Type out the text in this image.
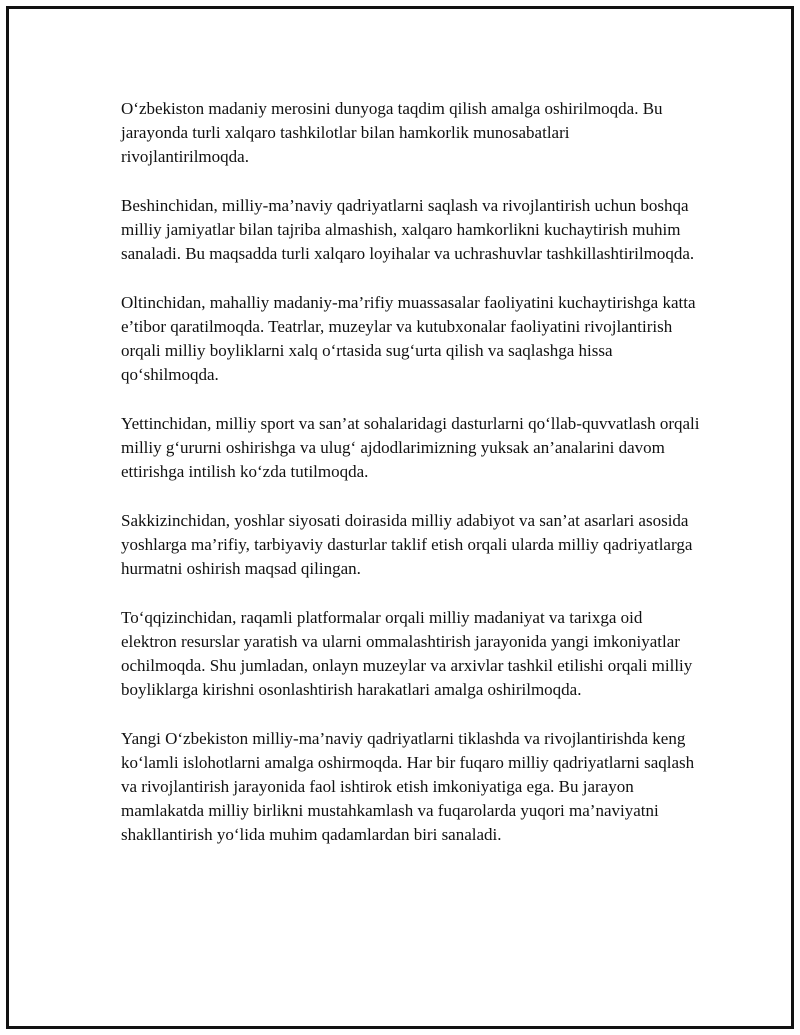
O‘zbekiston madaniy merosini dunyoga taqdim qilish amalga oshirilmoqda. Bu jarayonda turli xalqaro tashkilotlar bilan hamkorlik munosabatlari rivojlantirilmoqda.

Beshinchidan, milliy-ma’naviy qadriyatlarni saqlash va rivojlantirish uchun boshqa milliy jamiyatlar bilan tajriba almashish, xalqaro hamkorlikni kuchaytirish muhim sanaladi. Bu maqsadda turli xalqaro loyihalar va uchrashuvlar tashkillashtirilmoqda.

Oltinchidan, mahalliy madaniy-ma’rifiy muassasalar faoliyatini kuchaytirishga katta e’tibor qaratilmoqda. Teatrlar, muzeylar va kutubxonalar faoliyatini rivojlantirish orqali milliy boyliklarni xalq o‘rtasida sug‘urta qilish va saqlashga hissa qo‘shilmoqda.

Yettinchidan, milliy sport va san’at sohalaridagi dasturlarni qo‘llab-quvvatlash orqali milliy g‘ururni oshirishga va ulug‘ ajdodlarimizning yuksak an’analarini davom ettirishga intilish ko‘zda tutilmoqda.

Sakkizinchidan, yoshlar siyosati doirasida milliy adabiyot va san’at asarlari asosida yoshlarga ma’rifiy, tarbiyaviy dasturlar taklif etish orqali ularda milliy qadriyatlarga hurmatni oshirish maqsad qilingan.

To‘qqizinchidan, raqamli platformalar orqali milliy madaniyat va tarixga oid elektron resurslar yaratish va ularni ommalashtirish jarayonida yangi imkoniyatlar ochilmoqda. Shu jumladan, onlayn muzeylar va arxivlar tashkil etilishi orqali milliy boyliklarga kirishni osonlashtirish harakatlari amalga oshirilmoqda.

Yangi O‘zbekiston milliy-ma’naviy qadriyatlarni tiklashda va rivojlantirishda keng ko‘lamli islohotlarni amalga oshirmoqda. Har bir fuqaro milliy qadriyatlarni saqlash va rivojlantirish jarayonida faol ishtirok etish imkoniyatiga ega. Bu jarayon mamlakatda milliy birlikni mustahkamlash va fuqarolarda yuqori ma’naviyatni shakllantirish yo‘lida muhim qadamlardan biri sanaladi.
